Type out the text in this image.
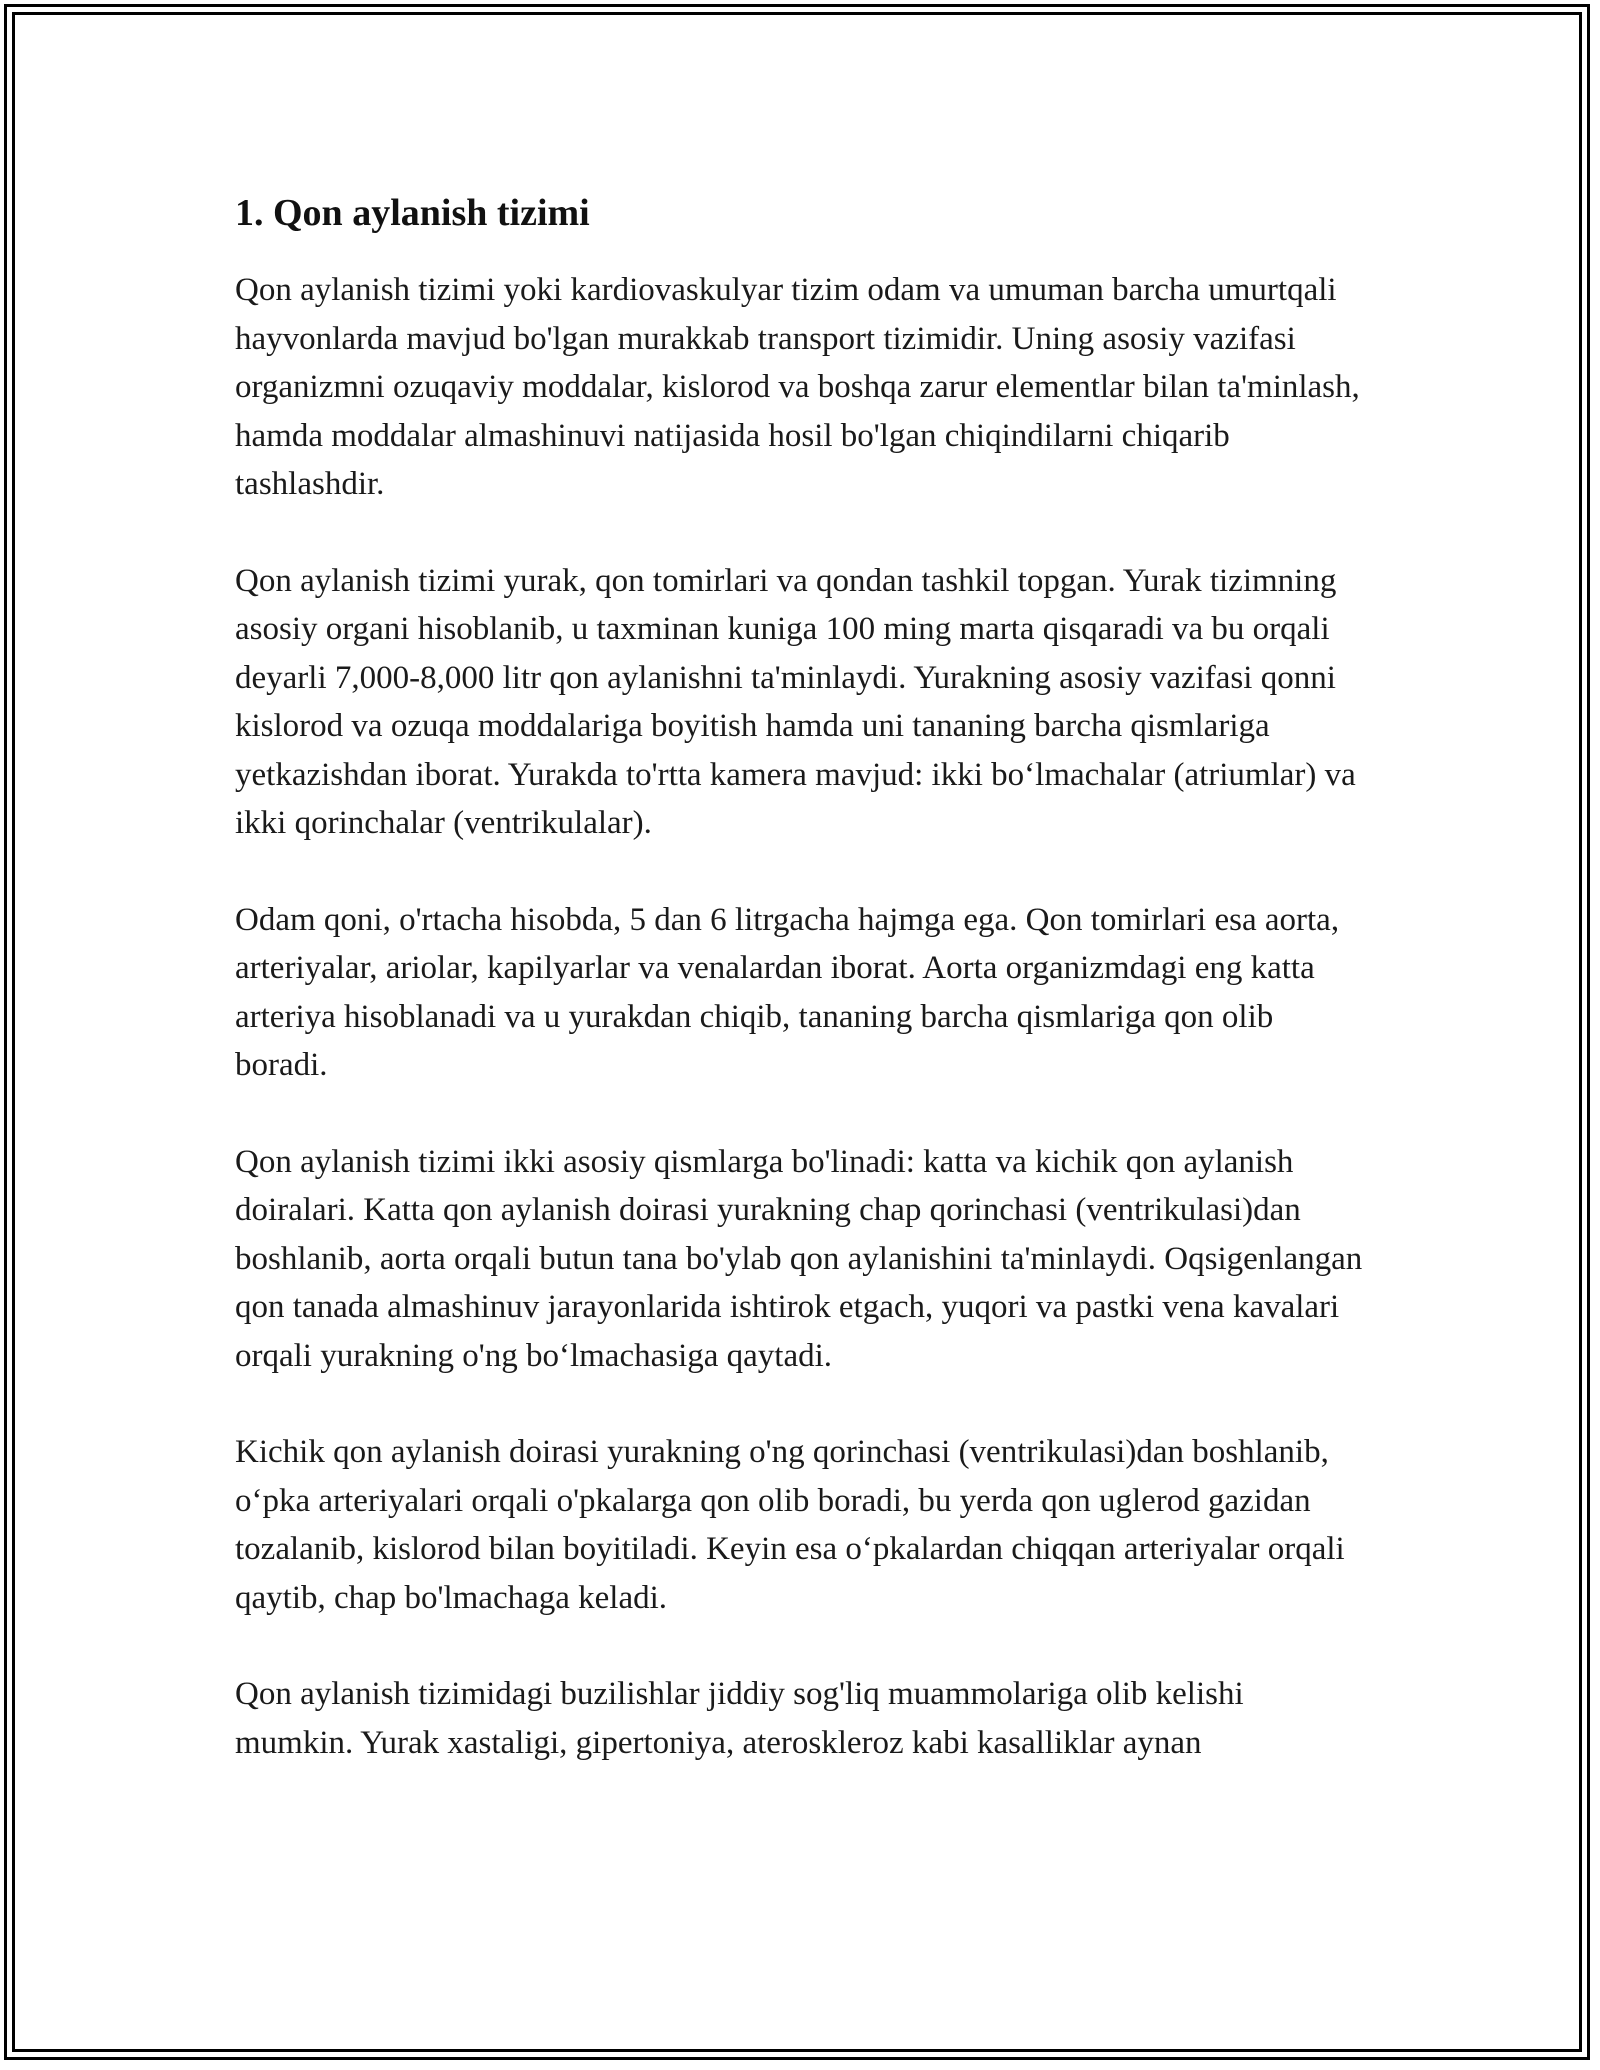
1. Qon aylanish tizimi

Qon aylanish tizimi yoki kardiovaskulyar tizim odam va umuman barcha umurtqali hayvonlarda mavjud bo'lgan murakkab transport tizimidir. Uning asosiy vazifasi organizmni ozuqaviy moddalar, kislorod va boshqa zarur elementlar bilan ta'minlash, hamda moddalar almashinuvi natijasida hosil bo'lgan chiqindilarni chiqarib tashlashdir.

Qon aylanish tizimi yurak, qon tomirlari va qondan tashkil topgan. Yurak tizimning asosiy organi hisoblanib, u taxminan kuniga 100 ming marta qisqaradi va bu orqali deyarli 7,000-8,000 litr qon aylanishni ta'minlaydi. Yurakning asosiy vazifasi qonni kislorod va ozuqa moddalariga boyitish hamda uni tananing barcha qismlariga yetkazishdan iborat. Yurakda to'rtta kamera mavjud: ikki bo‘lmachalar (atriumlar) va ikki qorinchalar (ventrikulalar).

Odam qoni, o'rtacha hisobda, 5 dan 6 litrgacha hajmga ega. Qon tomirlari esa aorta, arteriyalar, ariolar, kapilyarlar va venalardan iborat. Aorta organizmdagi eng katta arteriya hisoblanadi va u yurakdan chiqib, tananing barcha qismlariga qon olib boradi.

Qon aylanish tizimi ikki asosiy qismlarga bo'linadi: katta va kichik qon aylanish doiralari. Katta qon aylanish doirasi yurakning chap qorinchasi (ventrikulasi)dan boshlanib, aorta orqali butun tana bo'ylab qon aylanishini ta'minlaydi. Oqsigenlangan qon tanada almashinuv jarayonlarida ishtirok etgach, yuqori va pastki vena kavalari orqali yurakning o'ng bo‘lmachasiga qaytadi.

Kichik qon aylanish doirasi yurakning o'ng qorinchasi (ventrikulasi)dan boshlanib, o‘pka arteriyalari orqali o'pkalarga qon olib boradi, bu yerda qon uglerod gazidan tozalanib, kislorod bilan boyitiladi. Keyin esa o‘pkalardan chiqqan arteriyalar orqali qaytib, chap bo'lmachaga keladi.

Qon aylanish tizimidagi buzilishlar jiddiy sog'liq muammolariga olib kelishi mumkin. Yurak xastaligi, gipertoniya, ateroskleroz kabi kasalliklar aynan
